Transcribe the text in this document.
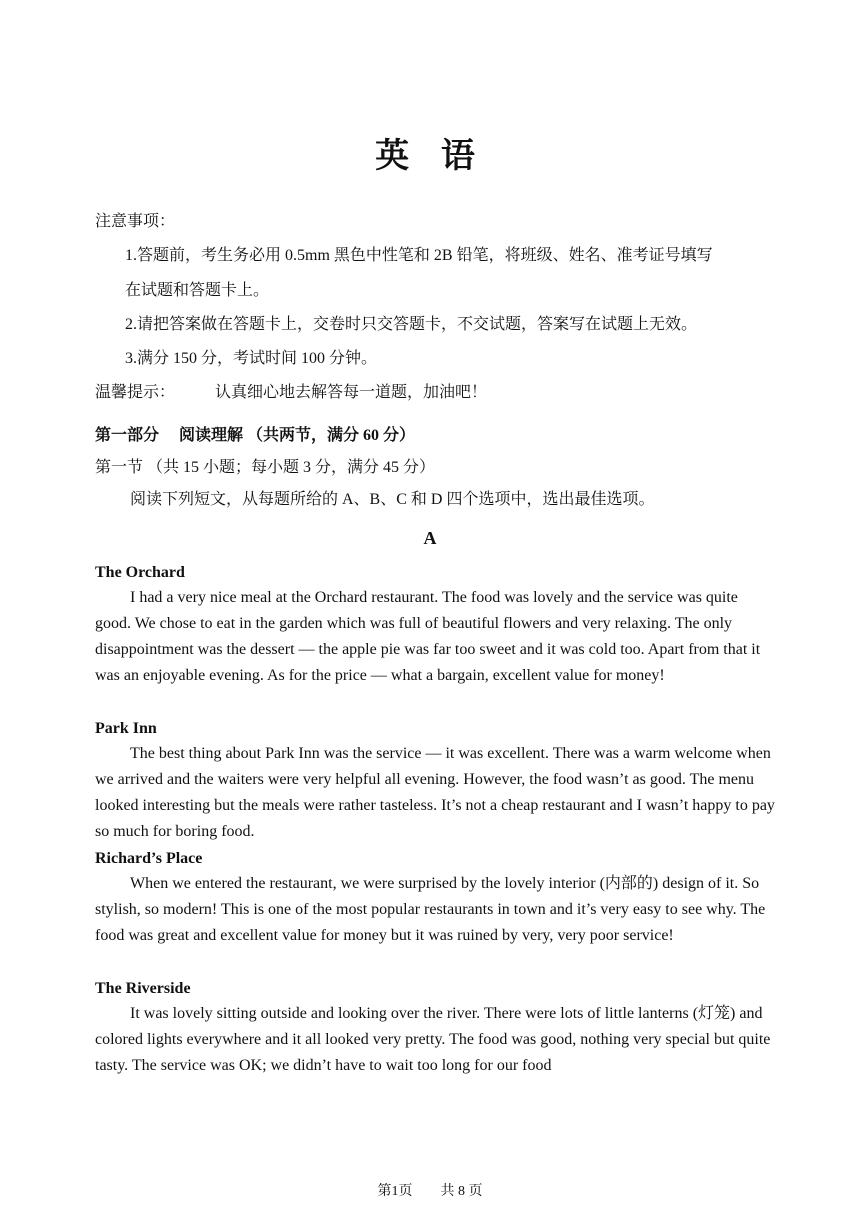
英 语
注意事项：
1.答题前，考生务必用 0.5mm 黑色中性笔和 2B 铅笔，将班级、姓名、准考证号填写
在试题和答题卡上。
2.请把答案做在答题卡上，交卷时只交答题卡，不交试题，答案写在试题上无效。
3.满分 150 分，考试时间 100 分钟。
温馨提示： 认真细心地去解答每一道题，加油吧！
第一部分　 阅读理解 （共两节，满分 60 分）
第一节 （共 15 小题；每小题 3 分，满分 45 分）
阅读下列短文，从每题所给的 A、B、C 和 D 四个选项中，选出最佳选项。
A
The Orchard

I had a very nice meal at the Orchard restaurant. The food was lovely and the service was quite good. We chose to eat in the garden which was full of beautiful flowers and very relaxing. The only disappointment was the dessert — the apple pie was far too sweet and it was cold too. Apart from that it was an enjoyable evening. As for the price — what a bargain, excellent value for money!

Park Inn

The best thing about Park Inn was the service — it was excellent. There was a warm welcome when we arrived and the waiters were very helpful all evening. However, the food wasn’t as good. The menu looked interesting but the meals were rather tasteless. It’s not a cheap restaurant and I wasn’t happy to pay so much for boring food.

Richard’s Place

When we entered the restaurant, we were surprised by the lovely interior (内部的) design of it. So stylish, so modern! This is one of the most popular restaurants in town and it’s very easy to see why. The food was great and excellent value for money but it was ruined by very, very poor service!

The Riverside

It was lovely sitting outside and looking over the river. There were lots of little lanterns (灯笼) and colored lights everywhere and it all looked very pretty. The food was good, nothing very special but quite tasty. The service was OK; we didn’t have to wait too long for our food

第1页 共 8 页
